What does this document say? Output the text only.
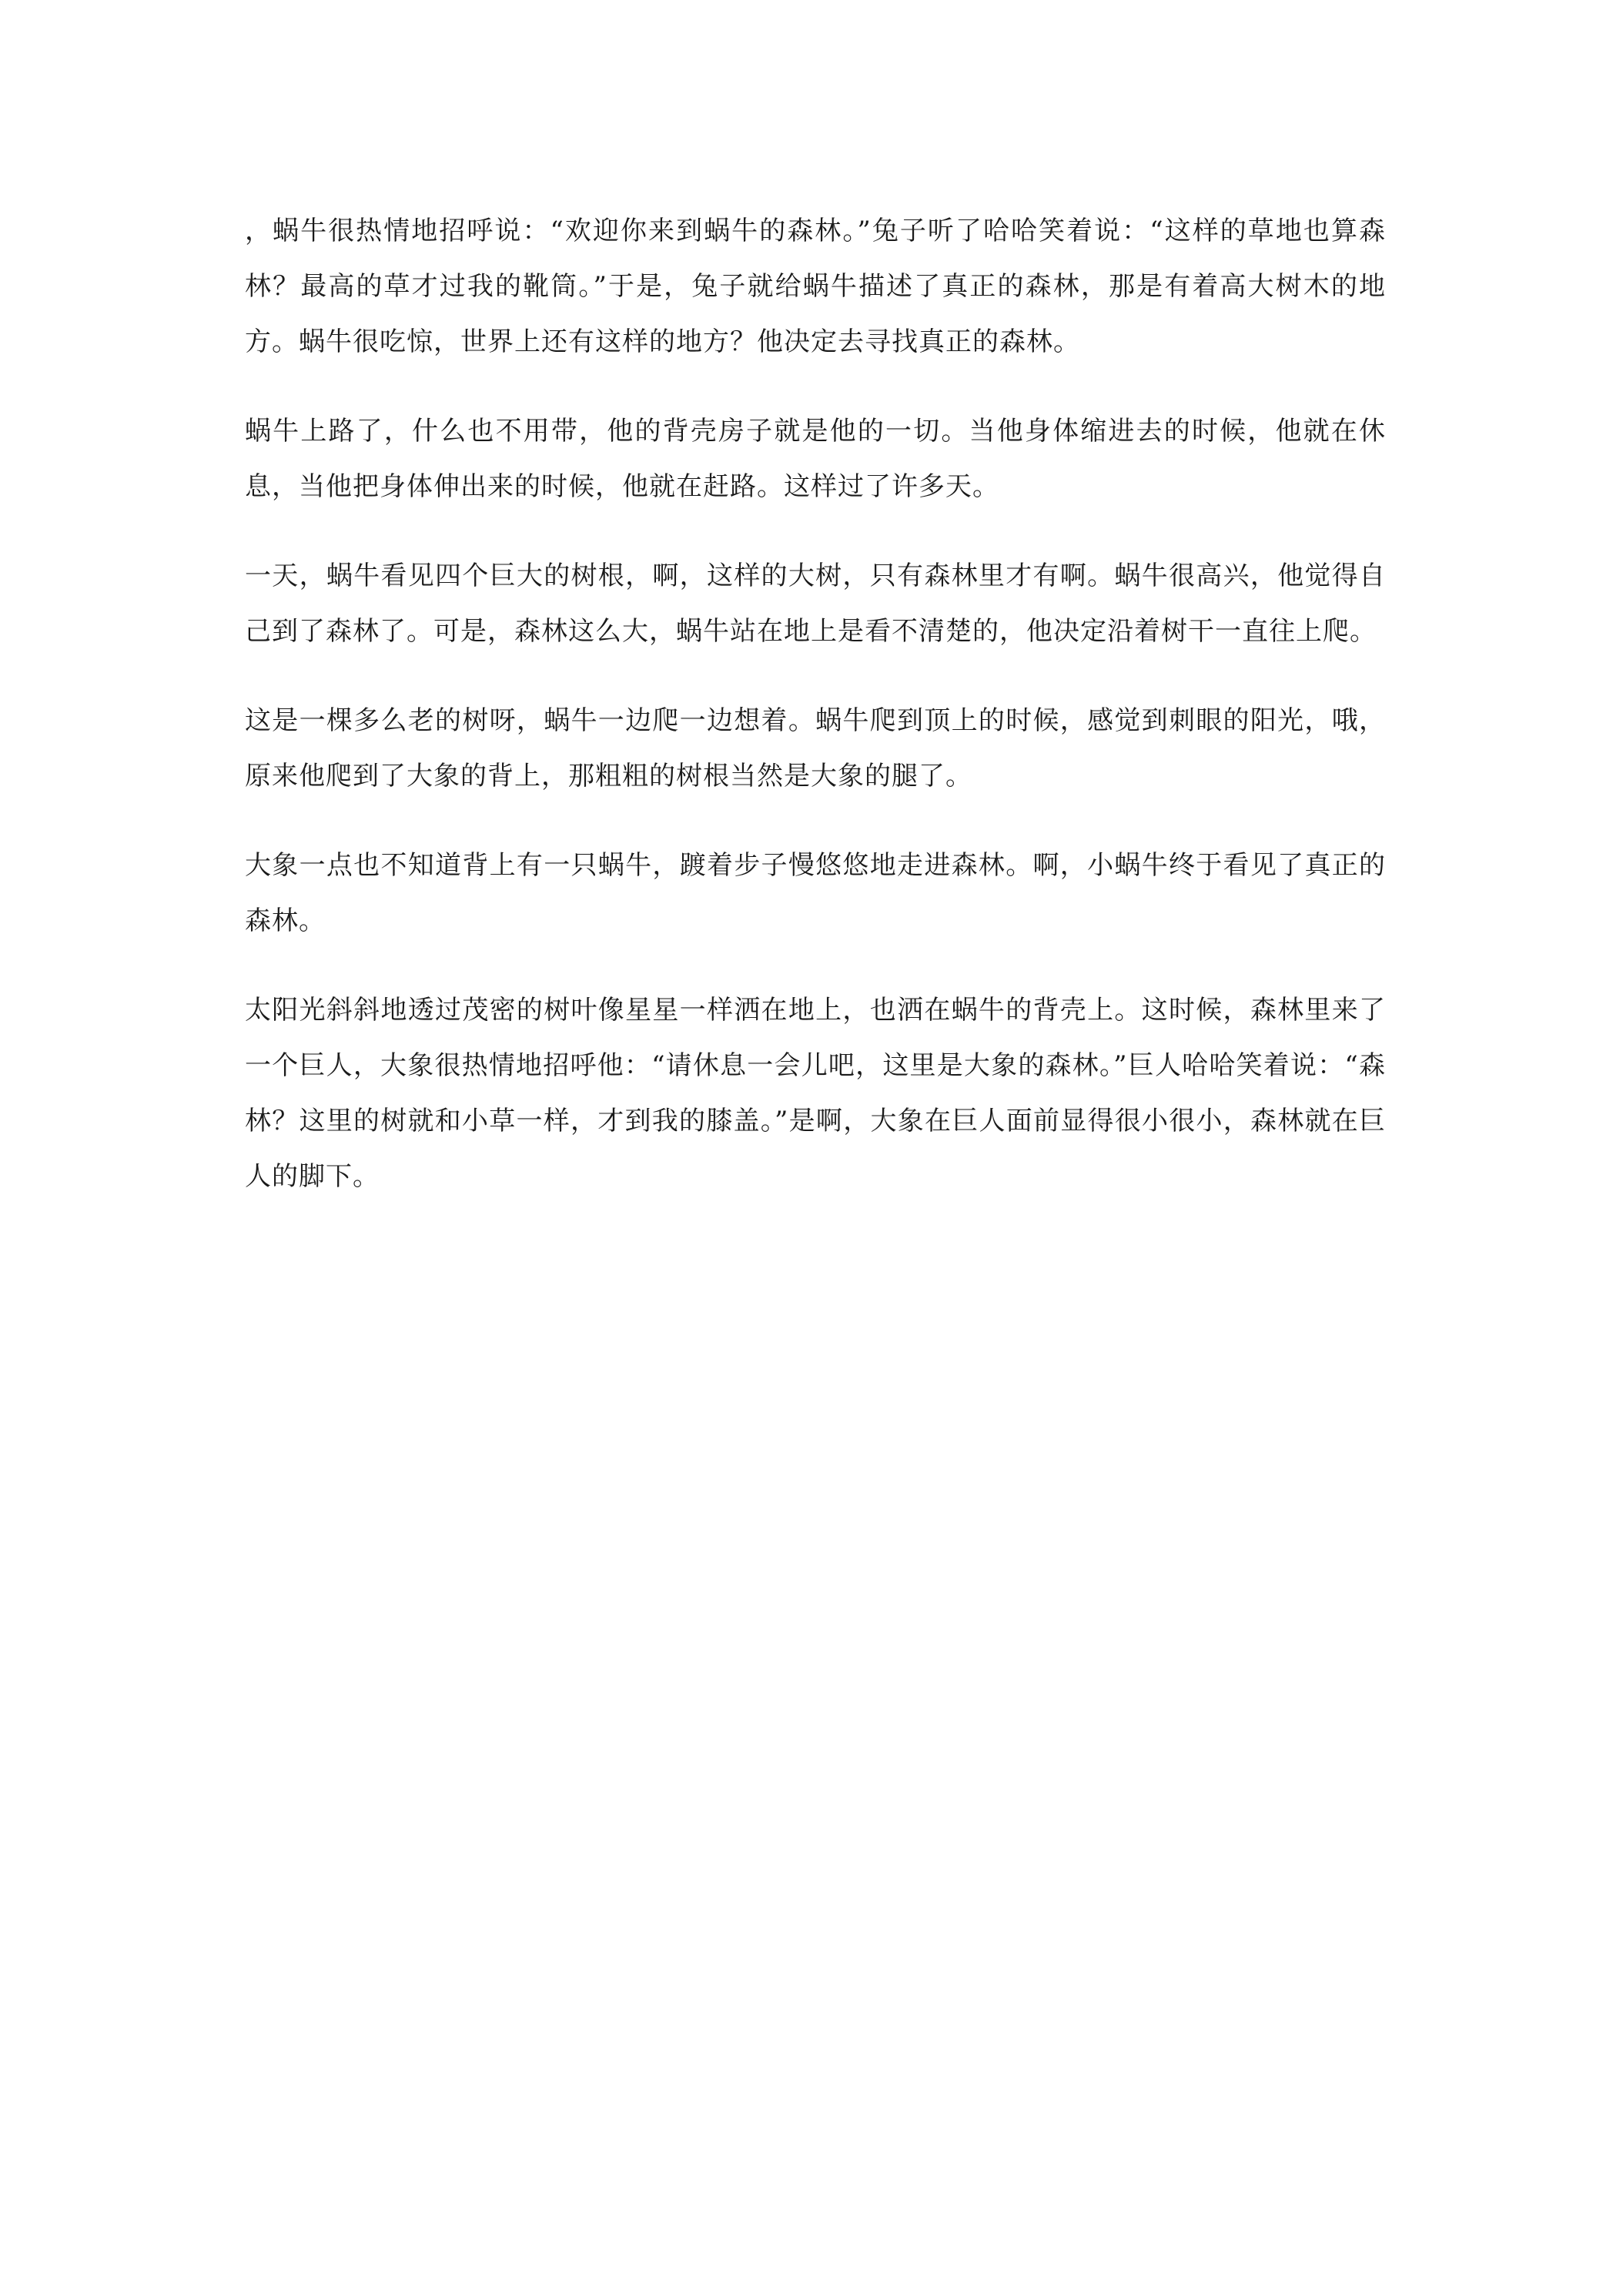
，蜗牛很热情地招呼说：“欢迎你来到蜗牛的森林。”兔子听了哈哈笑着说：“这样的草地也算森林？最高的草才过我的靴筒。”于是，兔子就给蜗牛描述了真正的森林，那是有着高大树木的地方。蜗牛很吃惊，世界上还有这样的地方？他决定去寻找真正的森林。

蜗牛上路了，什么也不用带，他的背壳房子就是他的一切。当他身体缩进去的时候，他就在休息，当他把身体伸出来的时候，他就在赶路。这样过了许多天。

一天，蜗牛看见四个巨大的树根，啊，这样的大树，只有森林里才有啊。蜗牛很高兴，他觉得自己到了森林了。可是，森林这么大，蜗牛站在地上是看不清楚的，他决定沿着树干一直往上爬。

这是一棵多么老的树呀，蜗牛一边爬一边想着。蜗牛爬到顶上的时候，感觉到刺眼的阳光，哦，原来他爬到了大象的背上，那粗粗的树根当然是大象的腿了。

大象一点也不知道背上有一只蜗牛，踱着步子慢悠悠地走进森林。啊，小蜗牛终于看见了真正的森林。

太阳光斜斜地透过茂密的树叶像星星一样洒在地上，也洒在蜗牛的背壳上。这时候，森林里来了一个巨人，大象很热情地招呼他：“请休息一会儿吧，这里是大象的森林。”巨人哈哈笑着说：“森林？这里的树就和小草一样，才到我的膝盖。”是啊，大象在巨人面前显得很小很小，森林就在巨人的脚下。
